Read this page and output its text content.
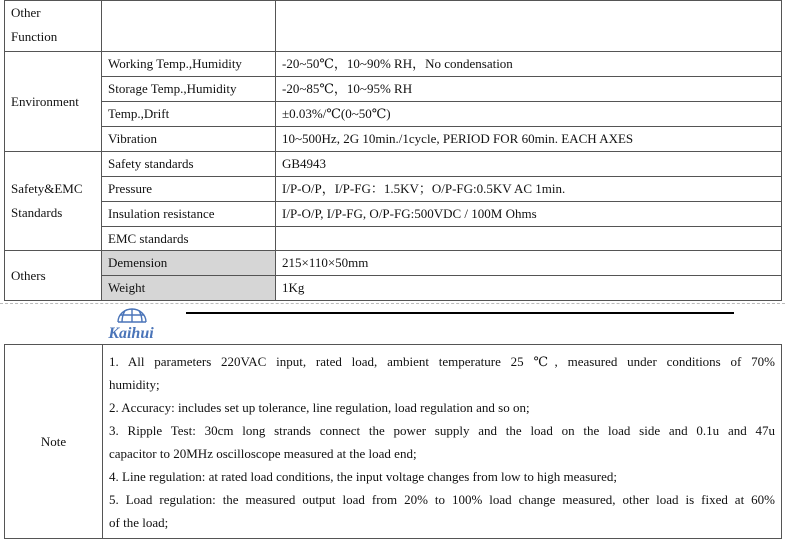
Other
Function		

Environment	Working Temp.,Humidity	-20~50℃，10~90% RH，No condensation
	Storage Temp.,Humidity	-20~85℃，10~95% RH
	Temp.,Drift	±0.03%/℃(0~50℃)
	Vibration	10~500Hz, 2G 10min./1cycle, PERIOD FOR 60min. EACH AXES

Safety&EMC
Standards	Safety standards	GB4943
	Pressure	I/P-O/P，I/P-FG：1.5KV；O/P-FG:0.5KV AC 1min.
	Insulation resistance	I/P-O/P, I/P-FG, O/P-FG:500VDC / 100M Ohms
	EMC standards	
Others	Demension	215×110×50mm
	Weight	1Kg
Kaihui
Note	
1. All parameters 220VAC input, rated load, ambient temperature 25 ℃, measured under conditions of 70%
humidity;
2. Accuracy: includes set up tolerance, line regulation, load regulation and so on;
3. Ripple Test: 30cm long strands connect the power supply and the load on the load side and 0.1u and 47u
capacitor to 20MHz oscilloscope measured at the load end;
4. Line regulation: at rated load conditions, the input voltage changes from low to high measured;
5. Load regulation: the measured output load from 20% to 100% load change measured, other load is fixed at 60%
of the load;
